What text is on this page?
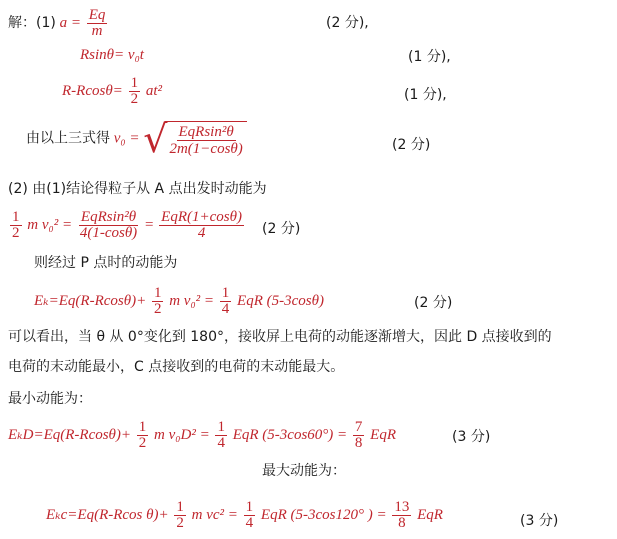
解：(1) $a = \frac{Eq}{m}$	(2 分),
Rsinθ= v₀t	(1 分),
$R-Rcos\theta= \frac{1}{2} at^2$	(1 分),
由以上三式得 v₀ = √ EqRsin²θ
2m(1−cosθ)	(2 分)
(2) 由(1)结论得粒子从 A 点出发时动能为
$\frac{1}{2}$ m $v_0^2 = \frac{\text{EqRsin²θ}}{4(1-\cos\theta)} = \frac{\text{EqR(1+cosθ)}}{4} (2$ 分)
则经过 P 点时的动能为
$E_k=Eq(R-Rcos\theta)+ \frac{1}{2}$ m $v_0^2 = \frac{1}{4}$ EqR (5-3cosθ)	(2 分)
可以看出，当 θ 从 0°变化到 180°，接收屏上电荷的动能逐渐增大，因此 D 点接收到的
电荷的末动能最小，C 点接收到的电荷的末动能最大。
最小动能为：
$E_kD=Eq(R-Rcos\theta)+ \frac{1}{2}$ m $v_0D^2 = \frac{1}{4}$ EqR $(5-3\cos 60^\circ) = \frac{7}{8}$ EqR	(3 分)
最大动能为：
Eₖc=Eq(R-Rcos $\theta)+ \frac{1}{2}$ m $vc^2 = \frac{1}{4}$ EqR (5-3cos120° ) = $\frac{13}{8}$ EqR	(3 分)
